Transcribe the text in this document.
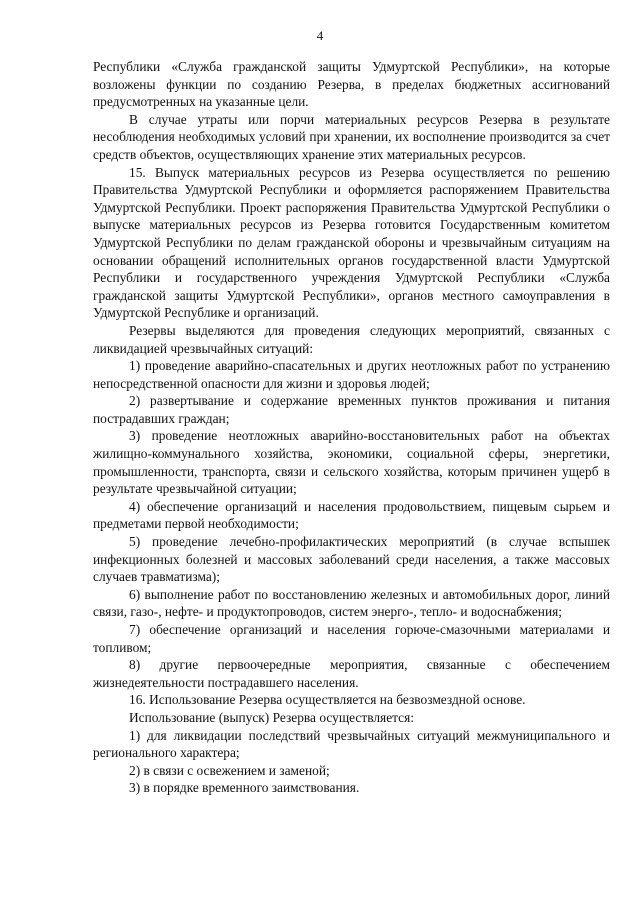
4

Республики «Служба гражданской защиты Удмуртской Республики», на которые возложены функции по созданию Резерва, в пределах бюджетных ассигнований предусмотренных на указанные цели.

В случае утраты или порчи материальных ресурсов Резерва в результате несоблюдения необходимых условий при хранении, их восполнение производится за счет средств объектов, осуществляющих хранение этих материальных ресурсов.

15. Выпуск материальных ресурсов из Резерва осуществляется по решению Правительства Удмуртской Республики и оформляется распоряжением Правительства Удмуртской Республики. Проект распоряжения Правительства Удмуртской Республики о выпуске материальных ресурсов из Резерва готовится Государственным комитетом Удмуртской Республики по делам гражданской обороны и чрезвычайным ситуациям на основании обращений исполнительных органов государственной власти Удмуртской Республики и государственного учреждения Удмуртской Республики «Служба гражданской защиты Удмуртской Республики», органов местного самоуправления в Удмуртской Республике и организаций.

Резервы выделяются для проведения следующих мероприятий, связанных с ликвидацией чрезвычайных ситуаций:

1) проведение аварийно-спасательных и других неотложных работ по устранению непосредственной опасности для жизни и здоровья людей;

2) развертывание и содержание временных пунктов проживания и питания пострадавших граждан;

3) проведение неотложных аварийно-восстановительных работ на объектах жилищно-коммунального хозяйства, экономики, социальной сферы, энергетики, промышленности, транспорта, связи и сельского хозяйства, которым причинен ущерб в результате чрезвычайной ситуации;

4) обеспечение организаций и населения продовольствием, пищевым сырьем и предметами первой необходимости;

5) проведение лечебно-профилактических мероприятий (в случае вспышек инфекционных болезней и массовых заболеваний среди населения, а также массовых случаев травматизма);

6) выполнение работ по восстановлению железных и автомобильных дорог, линий связи, газо-, нефте- и продуктопроводов, систем энерго-, тепло- и водоснабжения;

7) обеспечение организаций и населения горюче-смазочными материалами и топливом;

8) другие первоочередные мероприятия, связанные с обеспечением жизнедеятельности пострадавшего населения.

16. Использование Резерва осуществляется на безвозмездной основе.

Использование (выпуск) Резерва осуществляется:

1) для ликвидации последствий чрезвычайных ситуаций межмуниципального и регионального характера;

2) в связи с освежением и заменой;

3) в порядке временного заимствования.
